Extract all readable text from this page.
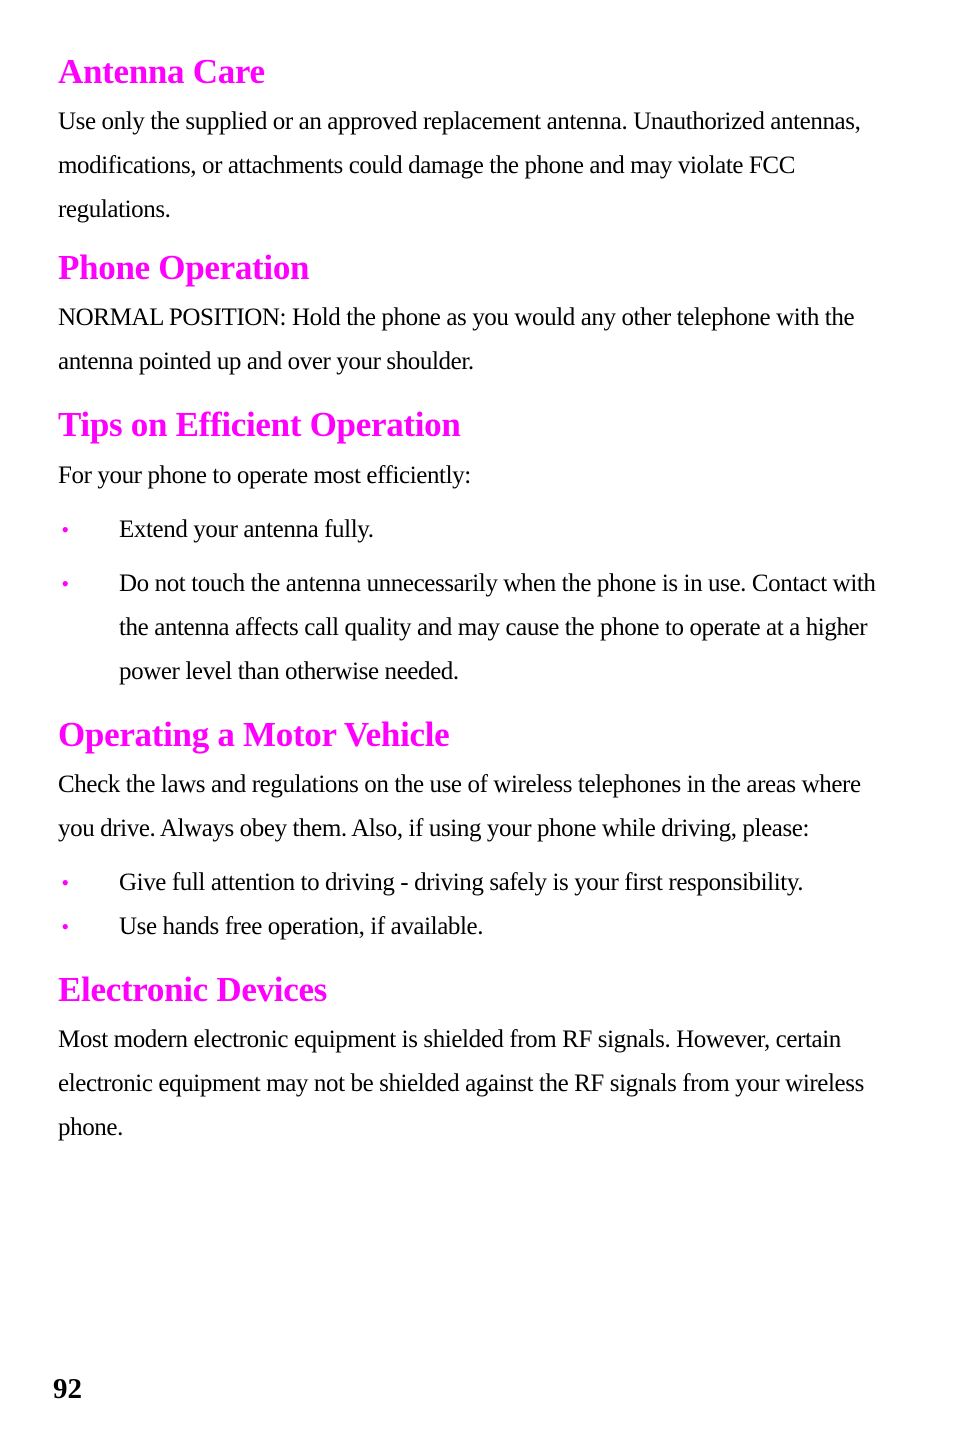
Antenna Care

Use only the supplied or an approved replacement antenna. Unauthorized antennas, modifications, or attachments could damage the phone and may violate FCC regulations.

Phone Operation

NORMAL POSITION: Hold the phone as you would any other telephone with the antenna pointed up and over your shoulder.

Tips on Efficient Operation

For your phone to operate most efficiently:

• Extend your antenna fully.
• Do not touch the antenna unnecessarily when the phone is in use. Contact with the antenna affects call quality and may cause the phone to operate at a higher power level than otherwise needed.
Operating a Motor Vehicle

Check the laws and regulations on the use of wireless telephones in the areas where you drive. Always obey them. Also, if using your phone while driving, please:

• Give full attention to driving - driving safely is your first responsibility.
• Use hands free operation, if available.
Electronic Devices

Most modern electronic equipment is shielded from RF signals. However, certain electronic equipment may not be shielded against the RF signals from your wireless phone.

92
